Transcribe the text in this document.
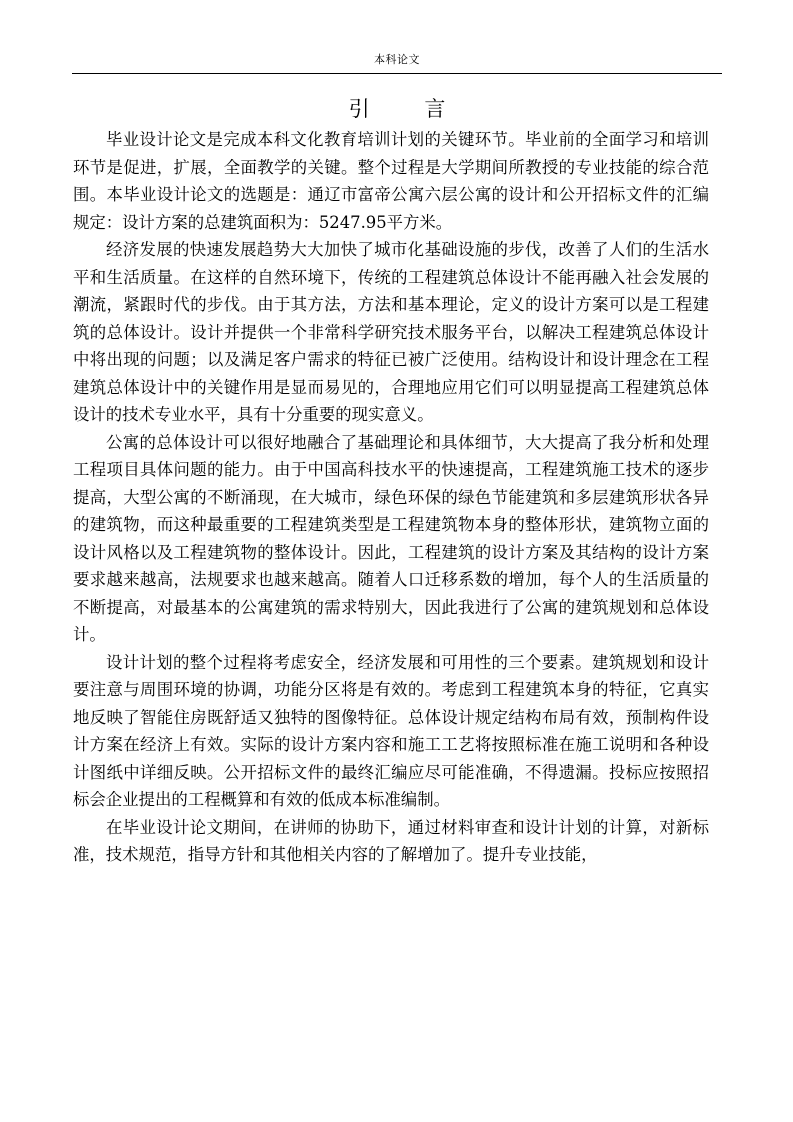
本科论文
引 言

毕业设计论文是完成本科文化教育培训计划的关键环节。毕业前的全面学习和培训环节是促进，扩展，全面教学的关键。整个过程是大学期间所教授的专业技能的综合范围。本毕业设计论文的选题是：通辽市富帝公寓六层公寓的设计和公开招标文件的汇编规定：设计方案的总建筑面积为：5247.95平方米。

经济发展的快速发展趋势大大加快了城市化基础设施的步伐，改善了人们的生活水平和生活质量。在这样的自然环境下，传统的工程建筑总体设计不能再融入社会发展的潮流，紧跟时代的步伐。由于其方法，方法和基本理论，定义的设计方案可以是工程建筑的总体设计。设计并提供一个非常科学研究技术服务平台，以解决工程建筑总体设计中将出现的问题；以及满足客户需求的特征已被广泛使用。结构设计和设计理念在工程建筑总体设计中的关键作用是显而易见的，合理地应用它们可以明显提高工程建筑总体设计的技术专业水平，具有十分重要的现实意义。

公寓的总体设计可以很好地融合了基础理论和具体细节，大大提高了我分析和处理工程项目具体问题的能力。由于中国高科技水平的快速提高，工程建筑施工技术的逐步提高，大型公寓的不断涌现，在大城市，绿色环保的绿色节能建筑和多层建筑形状各异的建筑物，而这种最重要的工程建筑类型是工程建筑物本身的整体形状，建筑物立面的设计风格以及工程建筑物的整体设计。因此，工程建筑的设计方案及其结构的设计方案要求越来越高，法规要求也越来越高。随着人口迁移系数的增加，每个人的生活质量的不断提高，对最基本的公寓建筑的需求特别大，因此我进行了公寓的建筑规划和总体设计。

设计计划的整个过程将考虑安全，经济发展和可用性的三个要素。建筑规划和设计要注意与周围环境的协调，功能分区将是有效的。考虑到工程建筑本身的特征，它真实地反映了智能住房既舒适又独特的图像特征。总体设计规定结构布局有效，预制构件设计方案在经济上有效。实际的设计方案内容和施工工艺将按照标准在施工说明和各种设计图纸中详细反映。公开招标文件的最终汇编应尽可能准确，不得遗漏。投标应按照招标会企业提出的工程概算和有效的低成本标准编制。

在毕业设计论文期间，在讲师的协助下，通过材料审查和设计计划的计算，对新标准，技术规范，指导方针和其他相关内容的了解增加了。提升专业技能，
